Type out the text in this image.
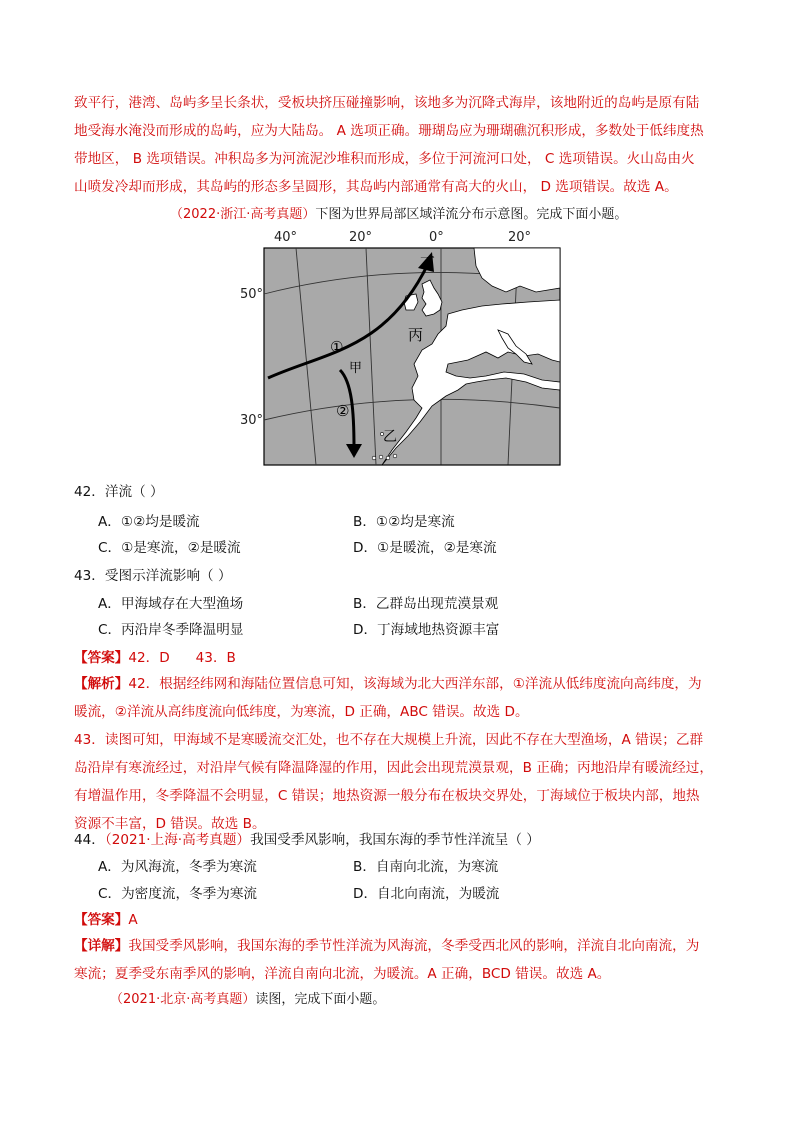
致平行，港湾、岛屿多呈长条状，受板块挤压碰撞影响，该地多为沉降式海岸，该地附近的岛屿是原有陆
地受海水淹没而形成的岛屿，应为大陆岛。 A 选项正确。珊瑚岛应为珊瑚礁沉积形成，多数处于低纬度热
带地区， B 选项错误。冲积岛多为河流泥沙堆积而形成，多位于河流河口处， C 选项错误。火山岛由火
山喷发冷却而形成，其岛屿的形态多呈圆形，其岛屿内部通常有高大的火山， D 选项错误。故选 A。
（2022·浙江·高考真题）下图为世界局部区域洋流分布示意图。完成下面小题。
40°	20°	0°	20°
丁
丙
甲
乙
①
②
50°
30°
42．洋流（ ）
A．①②均是暖流	B．①②均是寒流
C．①是寒流，②是暖流	D．①是暖流，②是寒流
43．受图示洋流影响（ ）
A．甲海域存在大型渔场	B．乙群岛出现荒漠景观
C．丙沿岸冬季降温明显	D．丁海域地热资源丰富
【答案】42．D      43．B
【解析】42．根据经纬网和海陆位置信息可知，该海域为北大西洋东部，①洋流从低纬度流向高纬度，为
暖流，②洋流从高纬度流向低纬度，为寒流，D 正确，ABC 错误。故选 D。
43．读图可知，甲海域不是寒暖流交汇处，也不存在大规模上升流，因此不存在大型渔场，A 错误；乙群
岛沿岸有寒流经过，对沿岸气候有降温降湿的作用，因此会出现荒漠景观，B 正确；丙地沿岸有暖流经过，
有增温作用，冬季降温不会明显，C 错误；地热资源一般分布在板块交界处，丁海域位于板块内部，地热
资源不丰富，D 错误。故选 B。
44．（2021·上海·高考真题）我国受季风影响，我国东海的季节性洋流呈（ ）
A．为风海流，冬季为寒流	B．自南向北流，为寒流
C．为密度流，冬季为寒流	D．自北向南流，为暖流
【答案】A
【详解】我国受季风影响，我国东海的季节性洋流为风海流，冬季受西北风的影响，洋流自北向南流，为
寒流；夏季受东南季风的影响，洋流自南向北流，为暖流。A 正确，BCD 错误。故选 A。
（2021·北京·高考真题）读图，完成下面小题。
